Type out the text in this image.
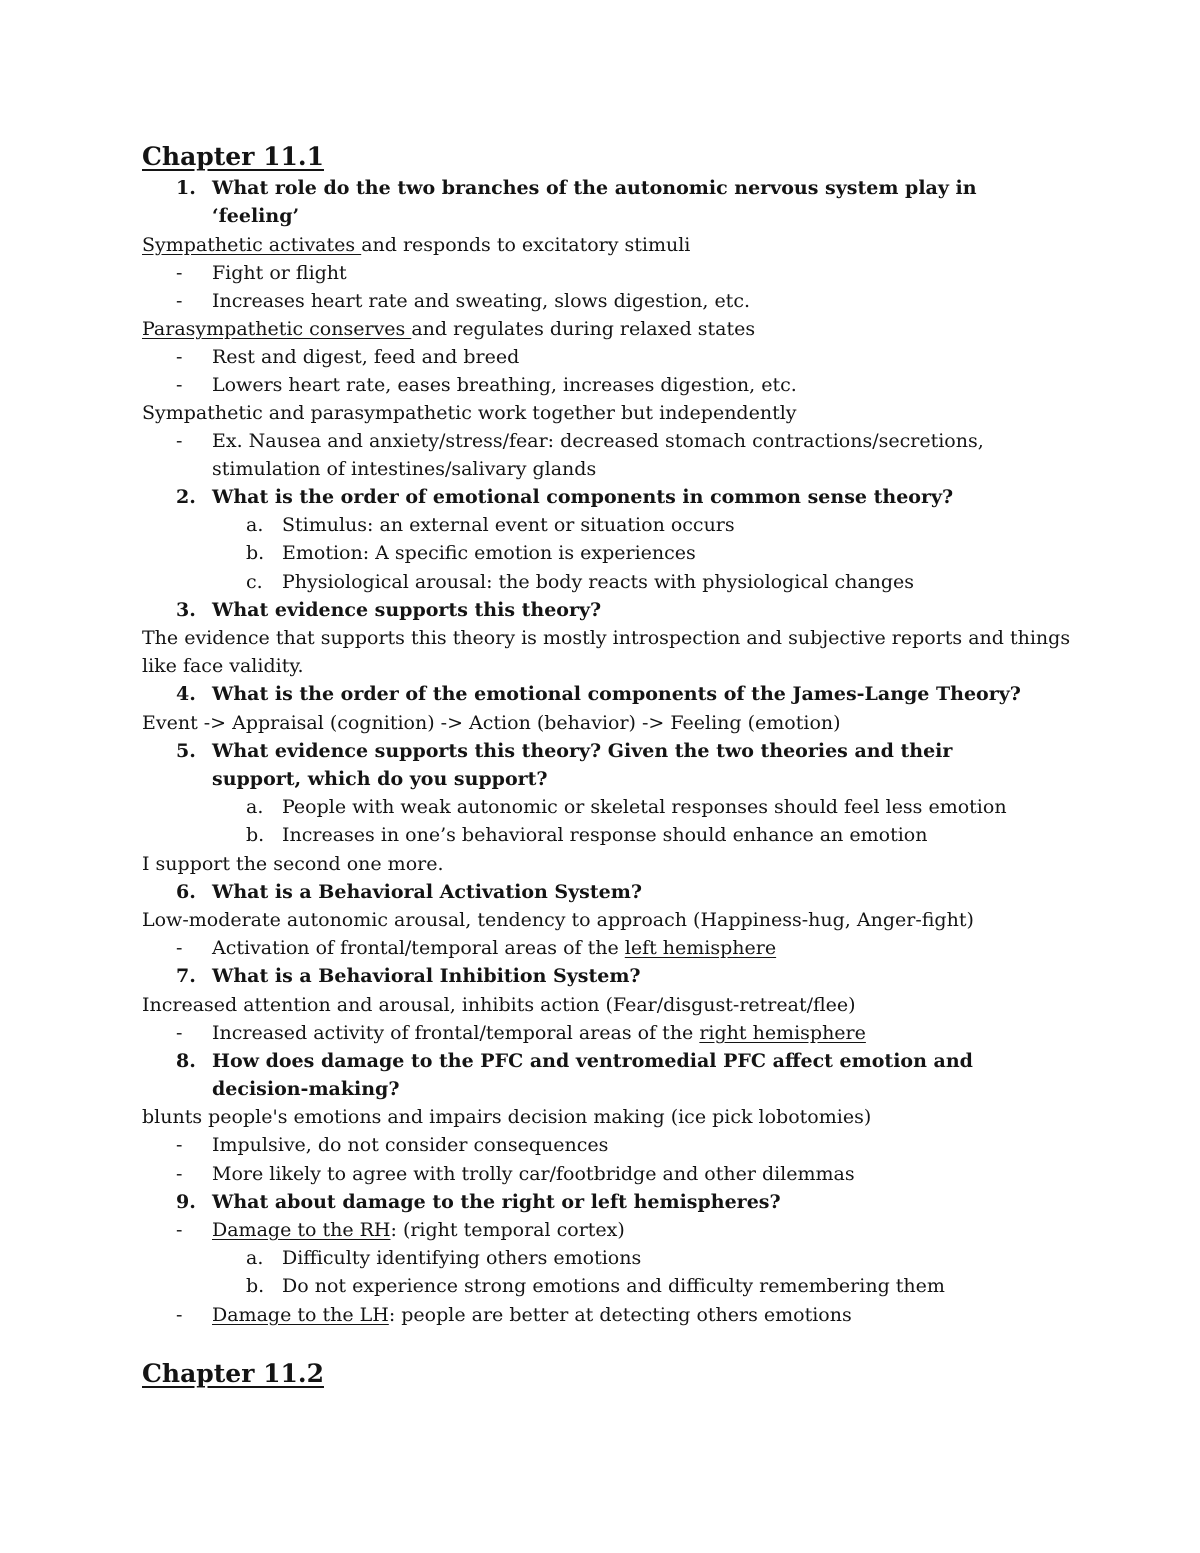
Chapter 11.1
1. What role do the two branches of the autonomic nervous system play in
‘feeling’
Sympathetic activates and responds to excitatory stimuli
- Fight or flight
- Increases heart rate and sweating, slows digestion, etc.
Parasympathetic conserves and regulates during relaxed states
- Rest and digest, feed and breed
- Lowers heart rate, eases breathing, increases digestion, etc.
Sympathetic and parasympathetic work together but independently
- Ex. Nausea and anxiety/stress/fear: decreased stomach contractions/secretions,
stimulation of intestines/salivary glands
2. What is the order of emotional components in common sense theory?
a. Stimulus: an external event or situation occurs
b. Emotion: A specific emotion is experiences
c. Physiological arousal: the body reacts with physiological changes
3. What evidence supports this theory?
The evidence that supports this theory is mostly introspection and subjective reports and things
like face validity.
4. What is the order of the emotional components of the James-Lange Theory?
Event -> Appraisal (cognition) -> Action (behavior) -> Feeling (emotion)
5. What evidence supports this theory? Given the two theories and their
support, which do you support?
a. People with weak autonomic or skeletal responses should feel less emotion
b. Increases in one’s behavioral response should enhance an emotion
I support the second one more.
6. What is a Behavioral Activation System?
Low-moderate autonomic arousal, tendency to approach (Happiness-hug, Anger-fight)
- Activation of frontal/temporal areas of the left hemisphere
7. What is a Behavioral Inhibition System?
Increased attention and arousal, inhibits action (Fear/disgust-retreat/flee)
- Increased activity of frontal/temporal areas of the right hemisphere
8. How does damage to the PFC and ventromedial PFC affect emotion and
decision-making?
blunts people's emotions and impairs decision making (ice pick lobotomies)
- Impulsive, do not consider consequences
- More likely to agree with trolly car/footbridge and other dilemmas
9. What about damage to the right or left hemispheres?
- Damage to the RH: (right temporal cortex)
a. Difficulty identifying others emotions
b. Do not experience strong emotions and difficulty remembering them
- Damage to the LH: people are better at detecting others emotions
Chapter 11.2
